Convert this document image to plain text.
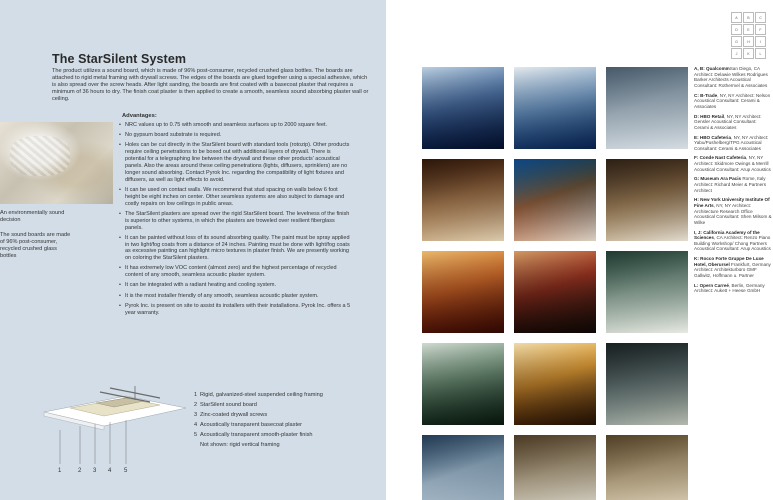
The StarSilent System

The product utilizes a sound board, which is made of 96% post-consumer, recycled crushed glass bottles. The boards are attached to rigid metal framing with drywall screws. The edges of the boards are glued together using a special adhesive, which is also spread over the screw heads. After light sanding, the boards are first coated with a basecoat plaster that requires a minimum of 36 hours to dry. The finish coat plaster is then applied to create a smooth, seamless sound absorbing plaster wall or ceiling.

An environmentally sound decision

The sound boards are made of 96% post-consumer, recycled crushed glass bottles

Advantages:
• NRC values up to 0.75 with smooth and seamless surfaces up to 2000 square feet.
• No gypsum board substrate is required.
• Holes can be cut directly in the StarSilent board with standard tools (rotozip). Other products require ceiling penetrations to be boxed out with additional layers of drywall. There is potential for a telegraphing line between the drywall and these other products' acoustical panels. Also the areas around these ceiling penetrations (lights, diffusers, sprinklers) are no longer sound absorbing. Contact Pyrok Inc. regarding the compatibility of light fixtures and diffusers, as well as light effects to avoid.
• It can be used on contact walls. We recommend that stud spacing on walls below 6 foot height be eight inches on center. Other seamless systems are also subject to damage and costly repairs on low ceilings in public areas.
• The StarSilent plasters are spread over the rigid StarSilent board. The levelness of the finish is superior to other systems, in which the plasters are troweled over resilient fiberglass panels.
• It can be painted without loss of its sound absorbing quality. The paint must be spray applied in two light/fog coats from a distance of 24 inches. Painting must be done with light/fog coats as excessive painting can highlight micro textures in plaster finish. We are presently working on coloring the StarSilent plasters.
• It has extremely low VOC content (almost zero) and the highest percentage of recycled content of any smooth, seamless acoustic plaster system.
• It can be integrated with a radiant heating and cooling system.
• It is the most installer friendly of any smooth, seamless acoustic plaster system.
• Pyrok Inc. is present on site to assist its installers with their installations. Pyrok Inc. offers a 5 year warranty.
1	2 3 4 5
1 Rigid, galvanized-steel suspended ceiling framing
2 StarSilent sound board
3 Zinc-coated drywall screws
4 Acoustically transparent basecoat plaster
5 Acoustically transparent smooth-plaster finish
Not shown: rigid vertical framing
A	B	C
D	E	F
G	H	I
J	K	L
A, B: QualcommSan Diego, CA Architect: Delawie Wilkes Rodrigues Barker Architects Acoustical Consultant: Rothermel & Associates
C: B-Trade, NY, NY Architect: Nelson Acoustical Consultant: Cerami & Associates
D: HBO Retail, NY, NY Architect: Gensler Acoustical Consultant: Cerami & Associates
E: HBO Cafeteria, NY, NY Architect: Yabu/Pushelberg/TPG Acoustical Consultant: Cerami & Associates
F: Conde Nast Cafeteria, NY, NY Architect: Skidmore Owings & Merrill Acoustical Consultant: Arup Acoustics
G: Museum Ara Pacis Rome, Italy Architect: Richard Meier & Partners Architect
H: New York University Institute Of Fine Arts, NY, NY Architect: Architecture Research Office Acoustical Consultant: Shen Milsom & Wilke
I, J: California Academy of the Sciences, CA Architect: Renzo Piano Building Workshop/ Chong Partners Acoustical Consultant: Arup Acoustics
K: Rocco Forte Gruppe De Luxe Hotel, Oberursel Frankfurt, Germany Architect: Architekturbüro GMF Gallwitz, Hoffmann u. Partner
L: Opern Carreé, Berlin, Germany Architect: Aukett + Heese GmbH
